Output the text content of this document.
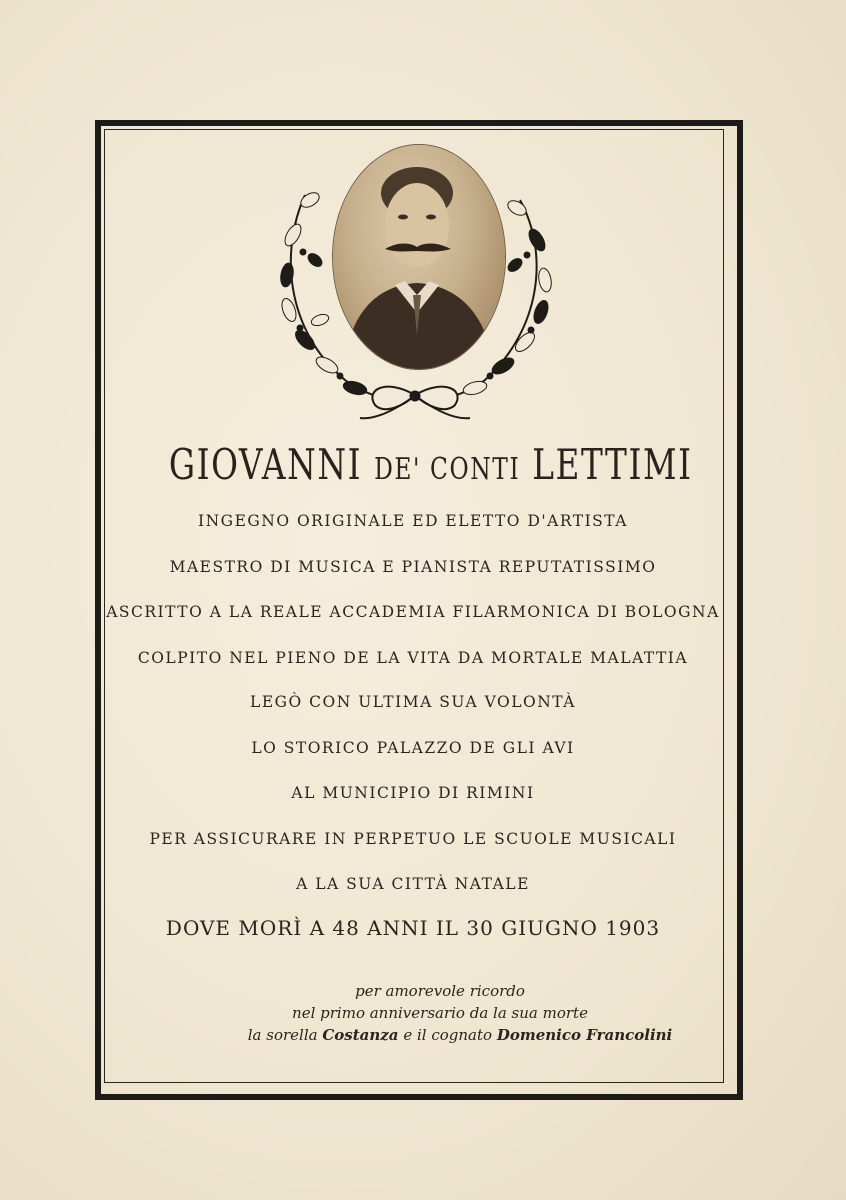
GIOVANNI DE' CONTI LETTIMI
INGEGNO ORIGINALE ED ELETTO D'ARTISTA
MAESTRO DI MUSICA E PIANISTA REPUTATISSIMO
ASCRITTO A LA REALE ACCADEMIA FILARMONICA DI BOLOGNA
COLPITO NEL PIENO DE LA VITA DA MORTALE MALATTIA
LEGÒ CON ULTIMA SUA VOLONTÀ
LO STORICO PALAZZO DE GLI AVI
AL MUNICIPIO DI RIMINI
PER ASSICURARE IN PERPETUO LE SCUOLE MUSICALI
A LA SUA CITTÀ NATALE
DOVE MORÌ A 48 ANNI IL 30 GIUGNO 1903
per amorevole ricordo
nel primo anniversario da la sua morte
la sorella Costanza e il cognato Domenico Francolini
